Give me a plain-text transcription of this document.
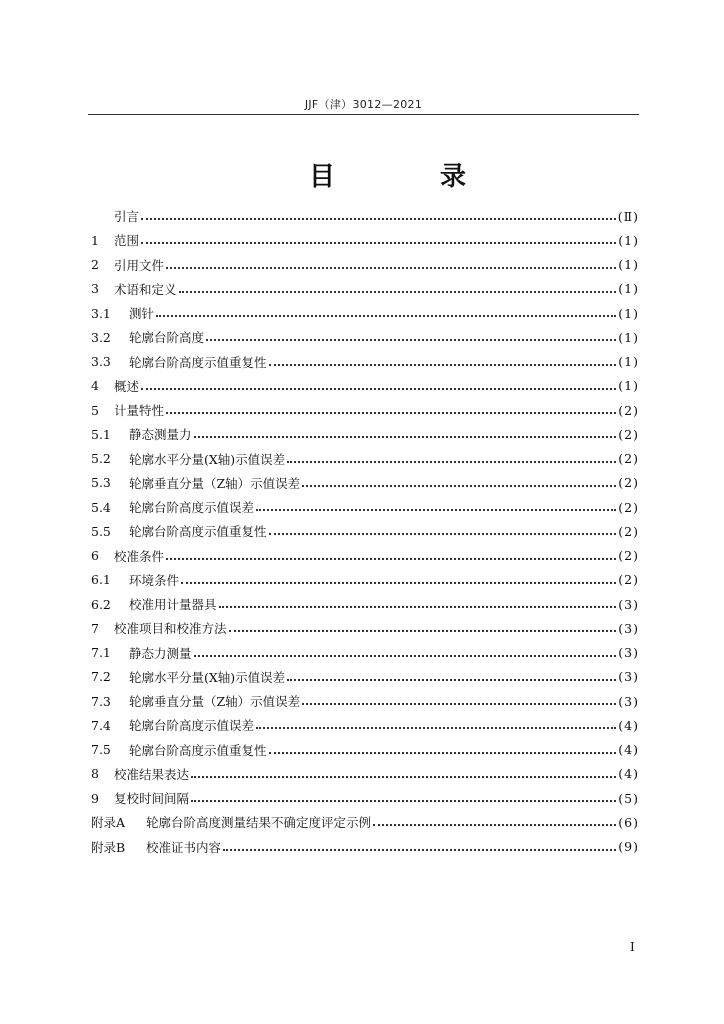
JJF（津）3012—2021
目 录
引言	(Ⅱ)
1	范围	(1)
2	引用文件	(1)
3	术语和定义	(1)
3.1	测针	(1)
3.2	轮廓台阶高度	(1)
3.3	轮廓台阶高度示值重复性	(1)
4	概述	(1)
5	计量特性	(2)
5.1	静态测量力	(2)
5.2	轮廓水平分量(X轴)示值误差	(2)
5.3	轮廓垂直分量（Z轴）示值误差	(2)
5.4	轮廓台阶高度示值误差	(2)
5.5	轮廓台阶高度示值重复性	(2)
6	校准条件	(2)
6.1	环境条件	(2)
6.2	校准用计量器具	(3)
7	校准项目和校准方法	(3)
7.1	静态力测量	(3)
7.2	轮廓水平分量(X轴)示值误差	(3)
7.3	轮廓垂直分量（Z轴）示值误差	(3)
7.4	轮廓台阶高度示值误差	(4)
7.5	轮廓台阶高度示值重复性	(4)
8	校准结果表达	(4)
9	复校时间间隔	(5)
附录A	轮廓台阶高度测量结果不确定度评定示例	(6)
附录B	校准证书内容	(9)
I
